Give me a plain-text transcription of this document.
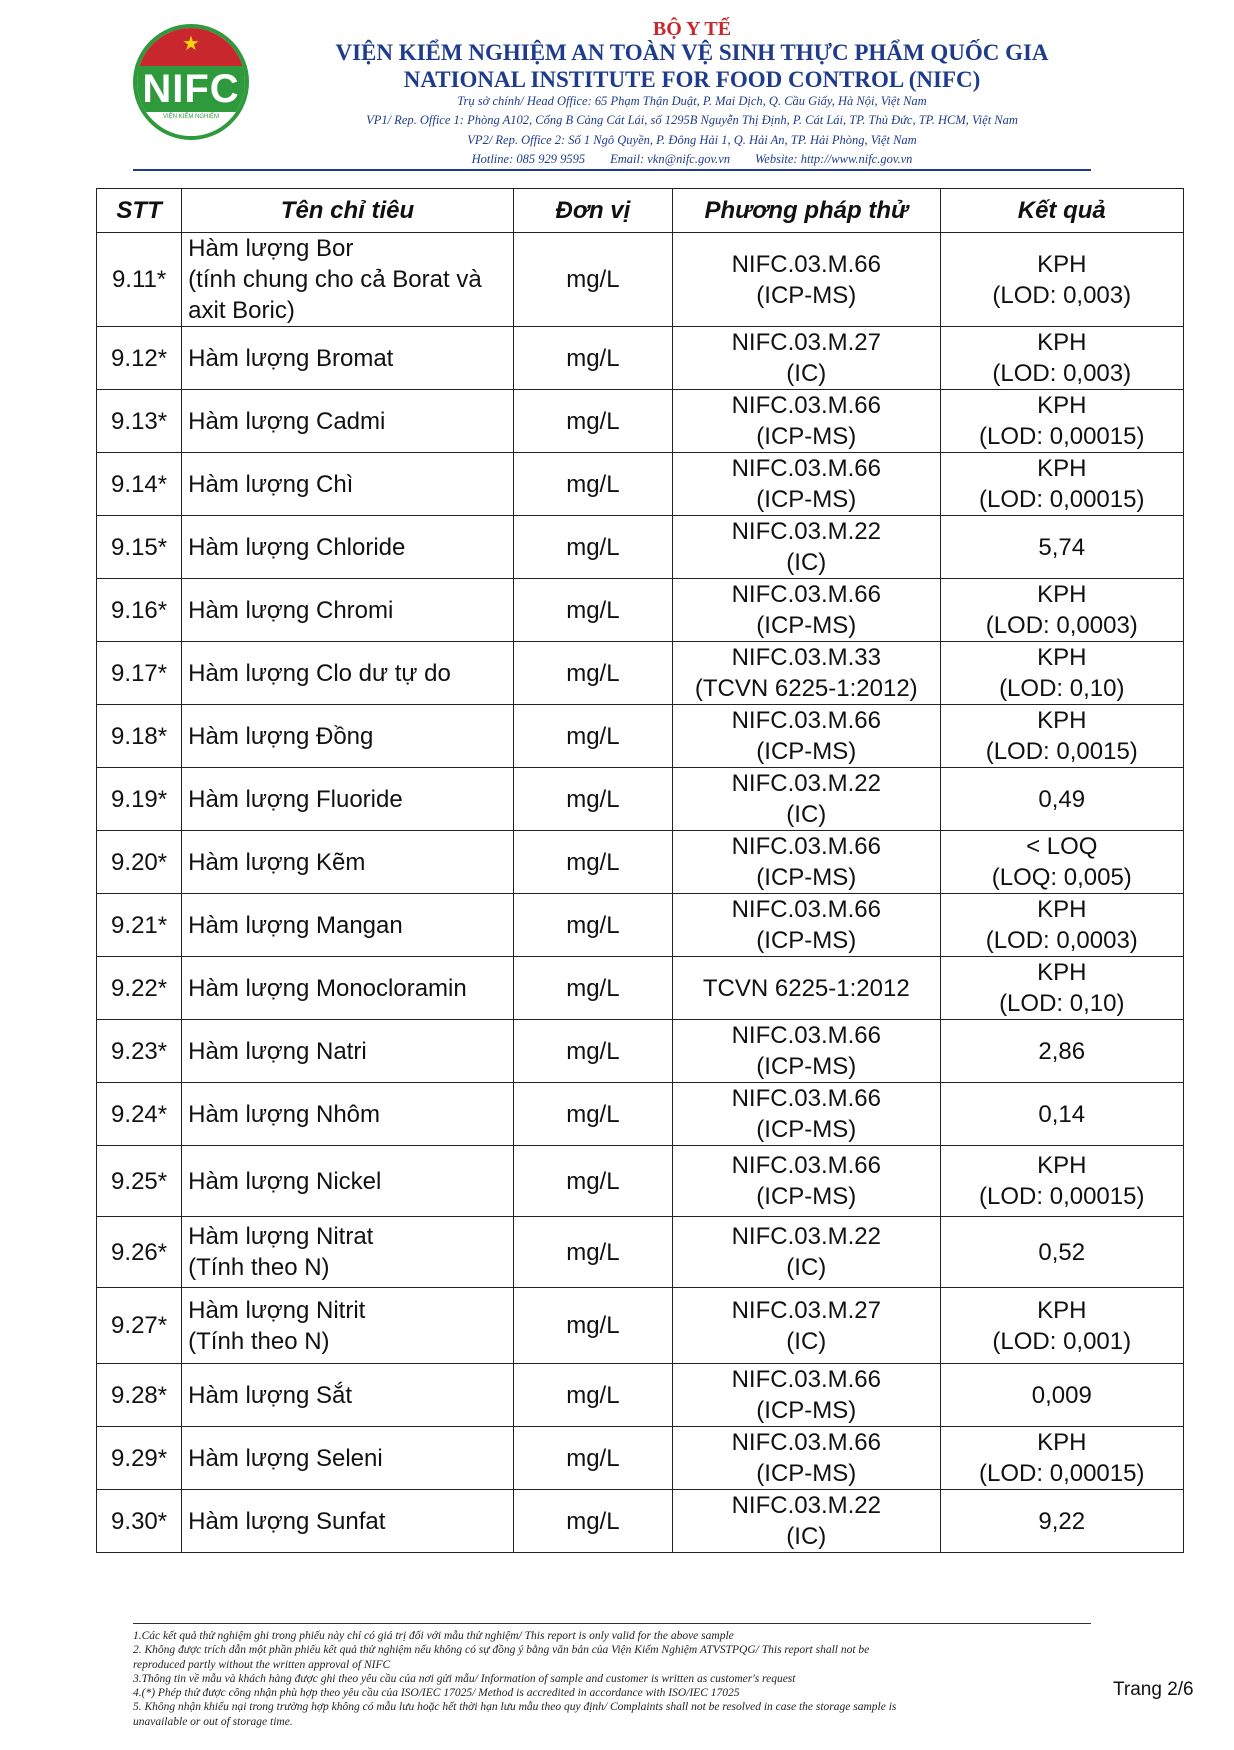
★
NIFC
VIỆN KIỂM NGHIỆM
BỘ Y TẾ
VIỆN KIỂM NGHIỆM AN TOÀN VỆ SINH THỰC PHẨM QUỐC GIA
NATIONAL INSTITUTE FOR FOOD CONTROL (NIFC)
Trụ sở chính/ Head Office: 65 Phạm Thận Duật, P. Mai Dịch, Q. Cầu Giấy, Hà Nội, Việt Nam
VP1/ Rep. Office 1: Phòng A102, Cổng B Cảng Cát Lái, số 1295B Nguyễn Thị Định, P. Cát Lái, TP. Thủ Đức, TP. HCM, Việt Nam
VP2/ Rep. Office 2: Số 1 Ngô Quyền, P. Đông Hải 1, Q. Hải An, TP. Hải Phòng, Việt Nam
Hotline: 085 929 9595        Email: vkn@nifc.gov.vn        Website: http://www.nifc.gov.vn
STT	Tên chỉ tiêu	Đơn vị	Phương pháp thử	Kết quả
9.11*	Hàm lượng Bor
(tính chung cho cả Borat và
axit Boric)	mg/L	NIFC.03.M.66
(ICP-MS)	KPH
(LOD: 0,003)

9.12*	Hàm lượng Bromat	mg/L	NIFC.03.M.27
(IC)	KPH
(LOD: 0,003)

9.13*	Hàm lượng Cadmi	mg/L	NIFC.03.M.66
(ICP-MS)	KPH
(LOD: 0,00015)

9.14*	Hàm lượng Chì	mg/L	NIFC.03.M.66
(ICP-MS)	KPH
(LOD: 0,00015)

9.15*	Hàm lượng Chloride	mg/L	NIFC.03.M.22
(IC)	5,74

9.16*	Hàm lượng Chromi	mg/L	NIFC.03.M.66
(ICP-MS)	KPH
(LOD: 0,0003)

9.17*	Hàm lượng Clo dư tự do	mg/L	NIFC.03.M.33
(TCVN 6225-1:2012)	KPH
(LOD: 0,10)

9.18*	Hàm lượng Đồng	mg/L	NIFC.03.M.66
(ICP-MS)	KPH
(LOD: 0,0015)

9.19*	Hàm lượng Fluoride	mg/L	NIFC.03.M.22
(IC)	0,49

9.20*	Hàm lượng Kẽm	mg/L	NIFC.03.M.66
(ICP-MS)	< LOQ
(LOQ: 0,005)

9.21*	Hàm lượng Mangan	mg/L	NIFC.03.M.66
(ICP-MS)	KPH
(LOD: 0,0003)

9.22*	Hàm lượng Monocloramin	mg/L	TCVN 6225-1:2012	KPH
(LOD: 0,10)

9.23*	Hàm lượng Natri	mg/L	NIFC.03.M.66
(ICP-MS)	2,86

9.24*	Hàm lượng Nhôm	mg/L	NIFC.03.M.66
(ICP-MS)	0,14

9.25*	Hàm lượng Nickel	mg/L	NIFC.03.M.66
(ICP-MS)	KPH
(LOD: 0,00015)

9.26*	Hàm lượng Nitrat
(Tính theo N)	mg/L	NIFC.03.M.22
(IC)	0,52

9.27*	Hàm lượng Nitrit
(Tính theo N)	mg/L	NIFC.03.M.27
(IC)	KPH
(LOD: 0,001)

9.28*	Hàm lượng Sắt	mg/L	NIFC.03.M.66
(ICP-MS)	0,009

9.29*	Hàm lượng Seleni	mg/L	NIFC.03.M.66
(ICP-MS)	KPH
(LOD: 0,00015)

9.30*	Hàm lượng Sunfat	mg/L	NIFC.03.M.22
(IC)	9,22
1.Các kết quả thử nghiệm ghi trong phiếu này chỉ có giá trị đối với mẫu thử nghiệm/ This report is only valid for the above sample
2. Không được trích dẫn một phần phiếu kết quả thử nghiệm nếu không có sự đồng ý bằng văn bản của Viện Kiểm Nghiệm ATVSTPQG/ This report shall not be
reproduced partly without the written approval of NIFC
3.Thông tin về mẫu và khách hàng được ghi theo yêu cầu của nơi gửi mẫu/ Information of sample and customer is written as customer's request
4.(*) Phép thử được công nhận phù hợp theo yêu cầu của ISO/IEC 17025/ Method is accredited in accordance with ISO/IEC 17025
5. Không nhận khiếu nại trong trường hợp không có mẫu lưu hoặc hết thời hạn lưu mẫu theo quy định/ Complaints shall not be resolved in case the storage sample is
unavailable or out of storage time.
Trang 2/6
